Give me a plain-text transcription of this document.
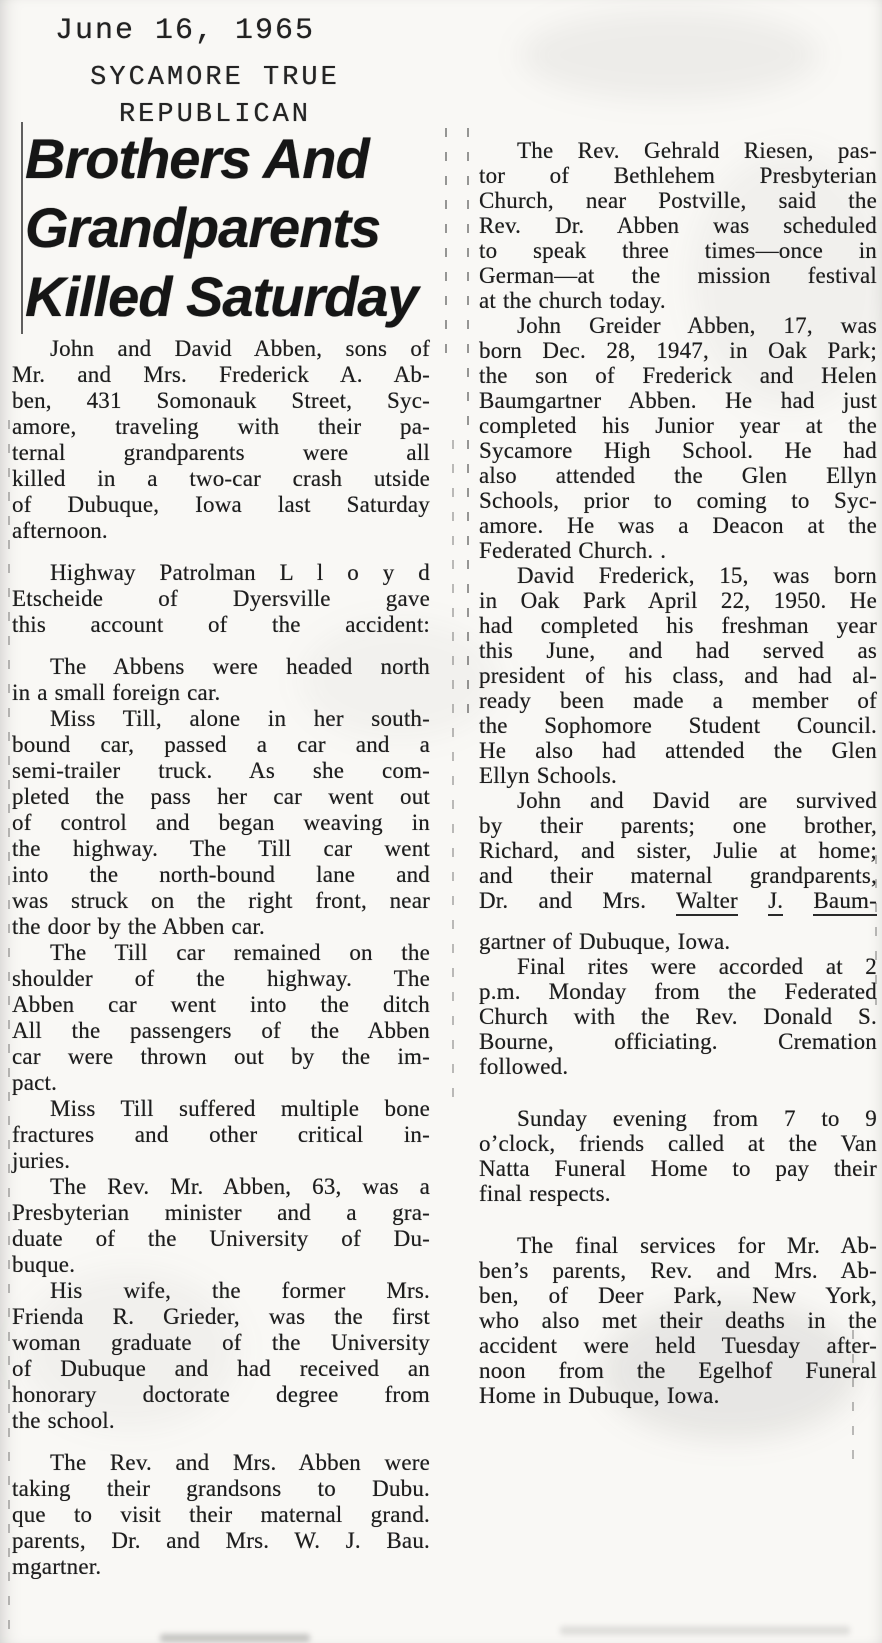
June 16, 1965
SYCAMORE TRUE
REPUBLICAN
Brothers And
Grandparents
Killed Saturday
John and David Abben, sons of
Mr. and Mrs. Frederick A. Ab-
ben, 431 Somonauk Street, Syc-
amore, traveling with their pa-
ternal grandparents were all
killed in a two-car crash utside
of Dubuque, Iowa last Saturday
afternoon.
Highway Patrolman L l o y d
Etscheide of Dyersville gave
this account of the accident:
The Abbens were headed north
in a small foreign car.
Miss Till, alone in her south-
bound car, passed a car and a
semi-trailer truck. As she com-
pleted the pass her car went out
of control and began weaving in
the highway. The Till car went
into the north-bound lane and
was struck on the right front, near
the door by the Abben car.
The Till car remained on the
shoulder of the highway. The
Abben car went into the ditch
All the passengers of the Abben
car were thrown out by the im-
pact.
Miss Till suffered multiple bone
fractures and other critical in-
juries.
The Rev. Mr. Abben, 63, was a
Presbyterian minister and a gra-
duate of the University of Du-
buque.
His wife, the former Mrs.
Frienda R. Grieder, was the first
woman graduate of the University
of Dubuque and had received an
honorary doctorate degree from
the school.
The Rev. and Mrs. Abben were
taking their grandsons to Dubu.
que to visit their maternal grand.
parents, Dr. and Mrs. W. J. Bau.
mgartner.
The Rev. Gehrald Riesen, pas-
tor of Bethlehem Presbyterian
Church, near Postville, said the
Rev. Dr. Abben was scheduled
to speak three times—once in
German—at the mission festival
at the church today.
John Greider Abben, 17, was
born Dec. 28, 1947, in Oak Park;
the son of Frederick and Helen
Baumgartner Abben. He had just
completed his Junior year at the
Sycamore High School. He had
also attended the Glen Ellyn
Schools, prior to coming to Syc-
amore. He was a Deacon at the
Federated Church. .
David Frederick, 15, was born
in Oak Park April 22, 1950. He
had completed his freshman year
this June, and had served as
president of his class, and had al-
ready been made a member of
the Sophomore Student Council.
He also had attended the Glen
Ellyn Schools.
John and David are survived
by their parents; one brother,
Richard, and sister, Julie at home;
and their maternal grandparents,
Dr. and Mrs. Walter J. Baum-
gartner of Dubuque, Iowa.
Final rites were accorded at 2
p.m. Monday from the Federated
Church with the Rev. Donald S.
Bourne, officiating. Cremation
followed.
Sunday evening from 7 to 9
o’clock, friends called at the Van
Natta Funeral Home to pay their
final respects.
The final services for Mr. Ab-
ben’s parents, Rev. and Mrs. Ab-
ben, of Deer Park, New York,
who also met their deaths in the
accident were held Tuesday after-
noon from the Egelhof Funeral
Home in Dubuque, Iowa.
